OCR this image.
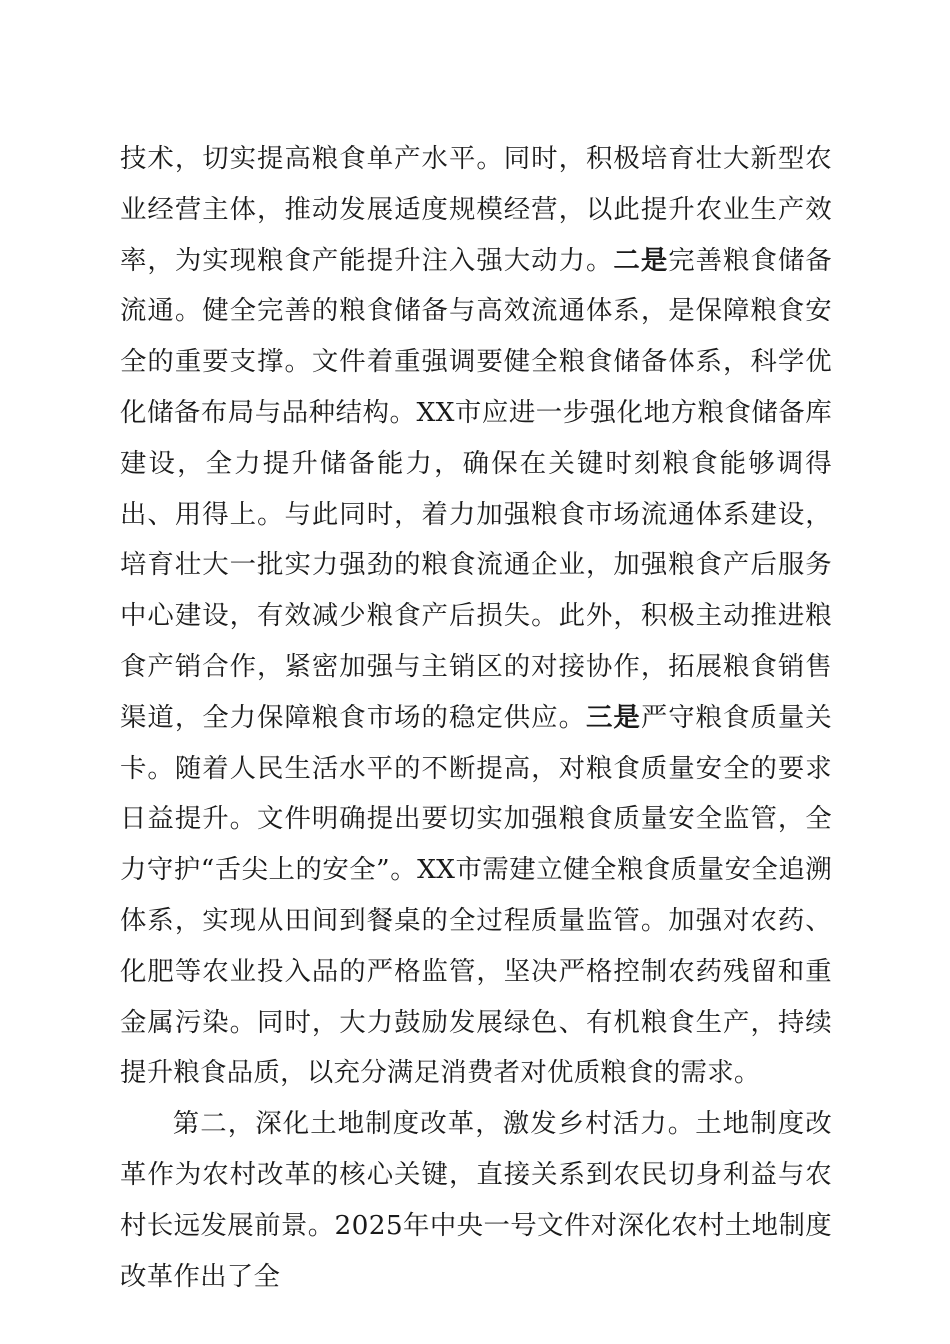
技术，切实提高粮食单产水平。同时，积极培育壮大新型农业经营主体，推动发展适度规模经营，以此提升农业生产效率，为实现粮食产能提升注入强大动力。二是完善粮食储备流通。健全完善的粮食储备与高效流通体系，是保障粮食安全的重要支撑。文件着重强调要健全粮食储备体系，科学优化储备布局与品种结构。XX市应进一步强化地方粮食储备库建设，全力提升储备能力，确保在关键时刻粮食能够调得出、用得上。与此同时，着力加强粮食市场流通体系建设，培育壮大一批实力强劲的粮食流通企业，加强粮食产后服务中心建设，有效减少粮食产后损失。此外，积极主动推进粮食产销合作，紧密加强与主销区的对接协作，拓展粮食销售渠道，全力保障粮食市场的稳定供应。三是严守粮食质量关卡。随着人民生活水平的不断提高，对粮食质量安全的要求日益提升。文件明确提出要切实加强粮食质量安全监管，全力守护“舌尖上的安全”。XX市需建立健全粮食质量安全追溯体系，实现从田间到餐桌的全过程质量监管。加强对农药、化肥等农业投入品的严格监管，坚决严格控制农药残留和重金属污染。同时，大力鼓励发展绿色、有机粮食生产，持续提升粮食品质，以充分满足消费者对优质粮食的需求。

第二，深化土地制度改革，激发乡村活力。土地制度改革作为农村改革的核心关键，直接关系到农民切身利益与农村长远发展前景。2025年中央一号文件对深化农村土地制度改革作出了全
